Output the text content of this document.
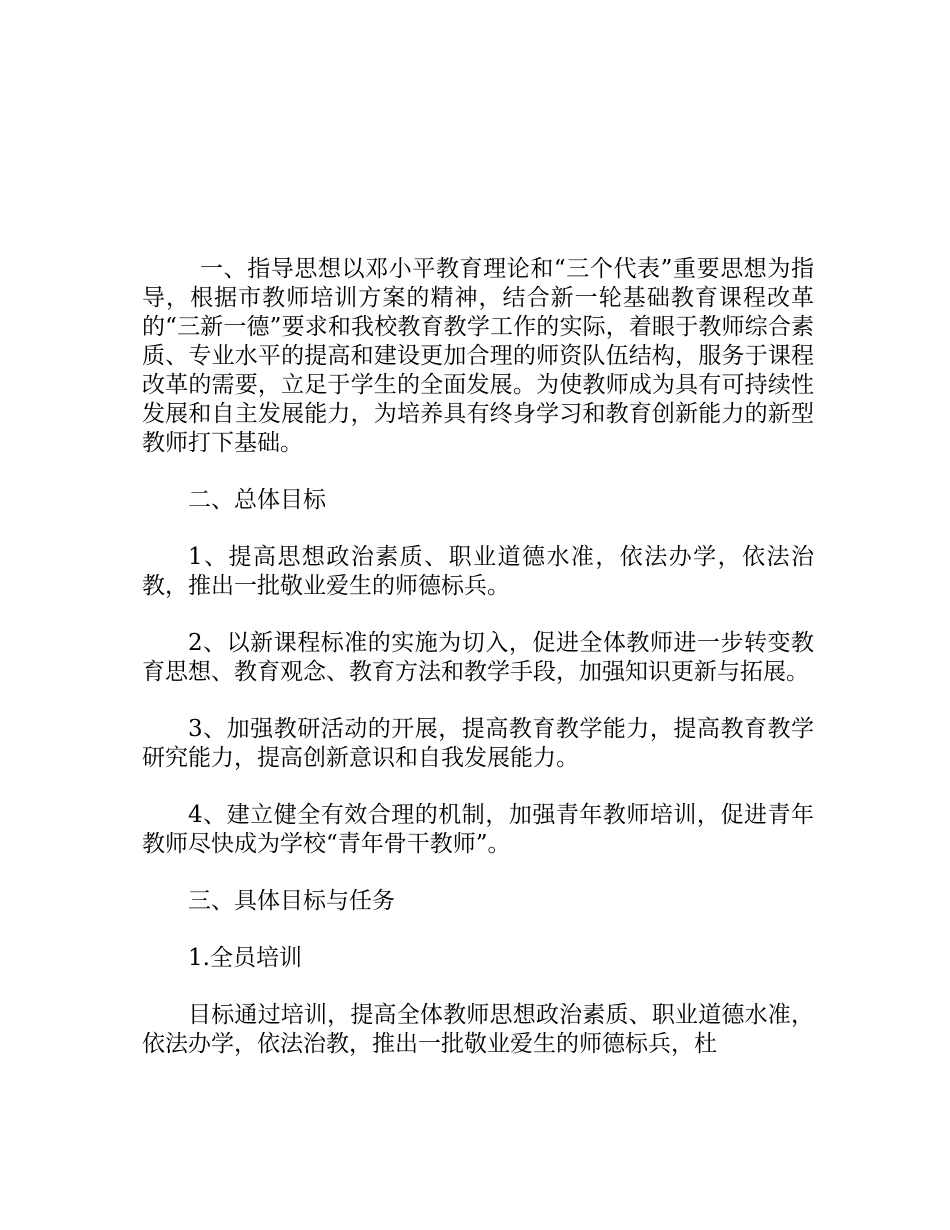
一、指导思想以邓小平教育理论和“三个代表”重要思想为指导，根据市教师培训方案的精神，结合新一轮基础教育课程改革的“三新一德”要求和我校教育教学工作的实际，着眼于教师综合素质、专业水平的提高和建设更加合理的师资队伍结构，服务于课程改革的需要，立足于学生的全面发展。为使教师成为具有可持续性发展和自主发展能力，为培养具有终身学习和教育创新能力的新型教师打下基础。

二、总体目标

1、提高思想政治素质、职业道德水准，依法办学，依法治教，推出一批敬业爱生的师德标兵。

2、以新课程标准的实施为切入，促进全体教师进一步转变教育思想、教育观念、教育方法和教学手段，加强知识更新与拓展。

3、加强教研活动的开展，提高教育教学能力，提高教育教学研究能力，提高创新意识和自我发展能力。

4、建立健全有效合理的机制，加强青年教师培训，促进青年教师尽快成为学校“青年骨干教师”。

三、具体目标与任务

1.全员培训

目标通过培训，提高全体教师思想政治素质、职业道德水准，依法办学，依法治教，推出一批敬业爱生的师德标兵，杜
